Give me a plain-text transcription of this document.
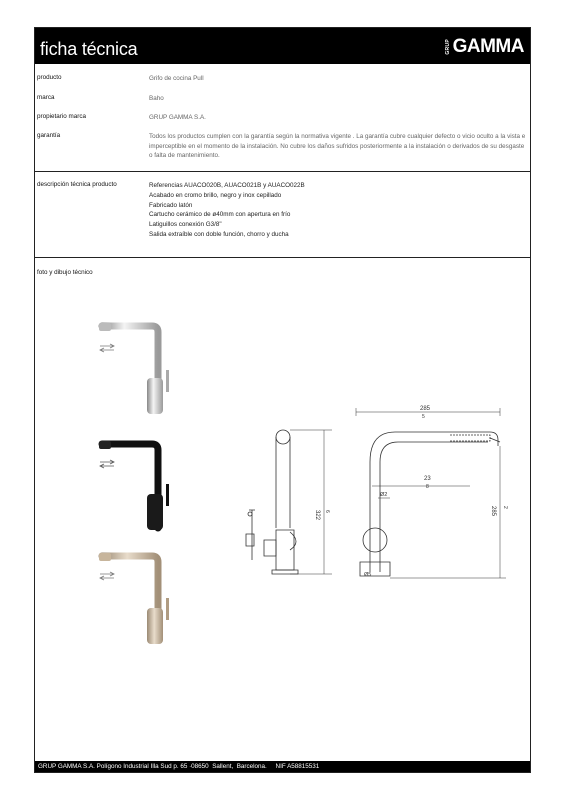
ficha técnica	GRUP GAMMA
producto	Grifo de cocina Pull
marca	Baho
propietario marca	GRUP GAMMA S.A.
garantía	Todos los productos cumplen con la garantía según la normativa vigente . La garantía cubre cualquier defecto o vicio oculto a la vista e imperceptible en el momento de la instalación. No cubre los daños sufridos posteriormente a la instalación o derivados de su desgaste o falta de mantenimiento.
descripción técnica producto	Referencias AUACO020B, AUACO021B y AUACO022B
Acabado en cromo brillo, negro y inox cepillado
Fabricado latón
Cartucho cerámico de ø40mm con apertura en frío
Latiguillos conexión G3/8"
Salida extraíble con doble función, chorro y ducha
foto y dibujo técnico
GRUP GAMMA S.A. Polígono Industrial Illa Sud p. 65 ·08650  Sallent,  Barcelona.     NIF A58815531
322 6
285
5
23
8
Ø2
Ø5
285 2
